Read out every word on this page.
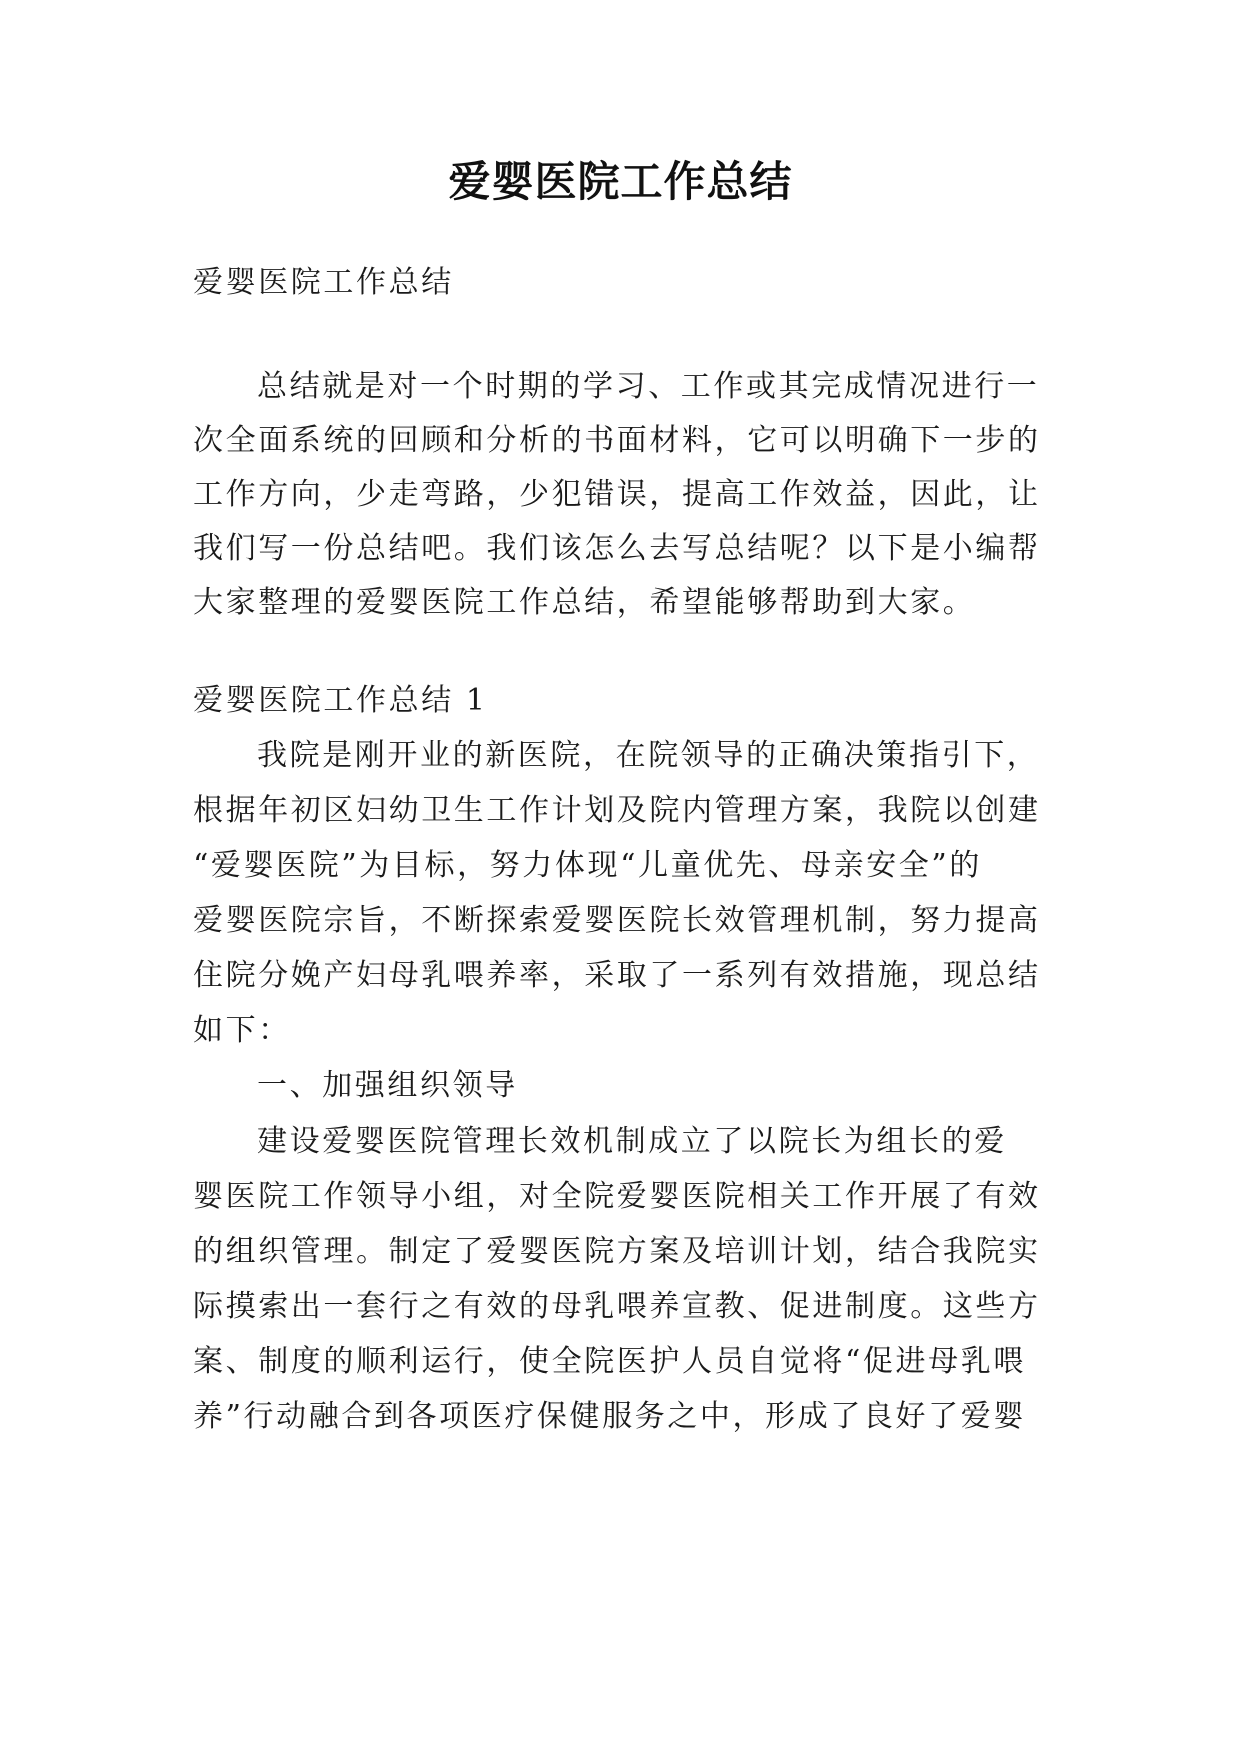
爱婴医院工作总结
爱婴医院工作总结
总结就是对一个时期的学习、工作或其完成情况进行一
次全面系统的回顾和分析的书面材料，它可以明确下一步的
工作方向，少走弯路，少犯错误，提高工作效益，因此，让
我们写一份总结吧。我们该怎么去写总结呢？以下是小编帮
大家整理的爱婴医院工作总结，希望能够帮助到大家。
爱婴医院工作总结 1
我院是刚开业的新医院，在院领导的正确决策指引下，
根据年初区妇幼卫生工作计划及院内管理方案，我院以创建
“爱婴医院”为目标，努力体现“儿童优先、母亲安全”的
爱婴医院宗旨，不断探索爱婴医院长效管理机制，努力提高
住院分娩产妇母乳喂养率，采取了一系列有效措施，现总结
如下：
一、加强组织领导
建设爱婴医院管理长效机制成立了以院长为组长的爱
婴医院工作领导小组，对全院爱婴医院相关工作开展了有效
的组织管理。制定了爱婴医院方案及培训计划，结合我院实
际摸索出一套行之有效的母乳喂养宣教、促进制度。这些方
案、制度的顺利运行，使全院医护人员自觉将“促进母乳喂
养”行动融合到各项医疗保健服务之中，形成了良好了爱婴
